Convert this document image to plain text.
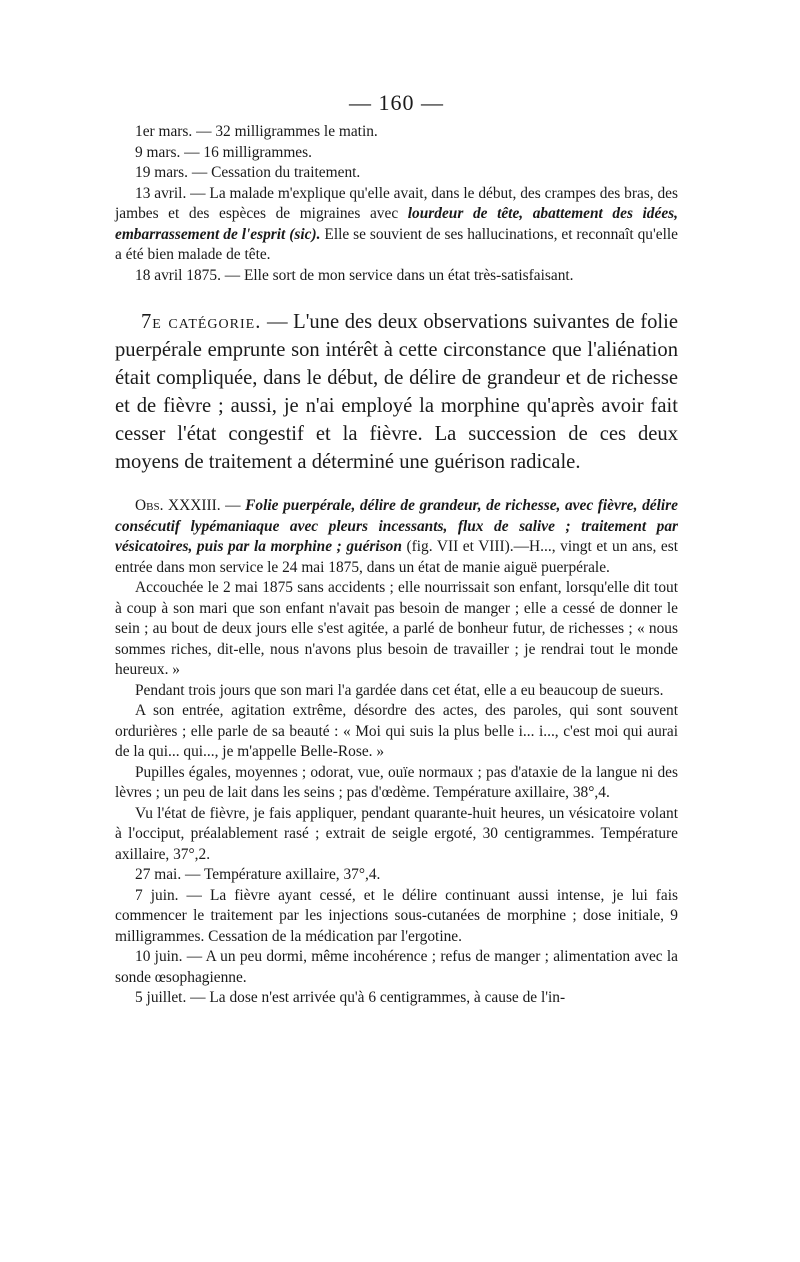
— 160 —

1er mars. — 32 milligrammes le matin.

9 mars. — 16 milligrammes.

19 mars. — Cessation du traitement.

13 avril. — La malade m'explique qu'elle avait, dans le début, des crampes des bras, des jambes et des espèces de migraines avec lourdeur de tête, abattement des idées, embarrassement de l'esprit (sic). Elle se souvient de ses hallucinations, et reconnaît qu'elle a été bien malade de tête.

18 avril 1875. — Elle sort de mon service dans un état très-satisfaisant.

7e catégorie. — L'une des deux observations suivantes de folie puerpérale emprunte son intérêt à cette circonstance que l'aliénation était compliquée, dans le début, de délire de grandeur et de richesse et de fièvre ; aussi, je n'ai employé la morphine qu'après avoir fait cesser l'état congestif et la fièvre. La succession de ces deux moyens de traitement a déterminé une guérison radicale.

Obs. XXXIII. — Folie puerpérale, délire de grandeur, de richesse, avec fièvre, délire consécutif lypémaniaque avec pleurs incessants, flux de salive ; traitement par vésicatoires, puis par la morphine ; guérison (fig. VII et VIII).—H..., vingt et un ans, est entrée dans mon service le 24 mai 1875, dans un état de manie aiguë puerpérale.

Accouchée le 2 mai 1875 sans accidents ; elle nourrissait son enfant, lorsqu'elle dit tout à coup à son mari que son enfant n'avait pas besoin de manger ; elle a cessé de donner le sein ; au bout de deux jours elle s'est agitée, a parlé de bonheur futur, de richesses ; « nous sommes riches, dit-elle, nous n'avons plus besoin de travailler ; je rendrai tout le monde heureux. »

Pendant trois jours que son mari l'a gardée dans cet état, elle a eu beaucoup de sueurs.

A son entrée, agitation extrême, désordre des actes, des paroles, qui sont souvent ordurières ; elle parle de sa beauté : « Moi qui suis la plus belle i... i..., c'est moi qui aurai de la qui... qui..., je m'appelle Belle-Rose. »

Pupilles égales, moyennes ; odorat, vue, ouïe normaux ; pas d'ataxie de la langue ni des lèvres ; un peu de lait dans les seins ; pas d'œdème. Température axillaire, 38°,4.

Vu l'état de fièvre, je fais appliquer, pendant quarante-huit heures, un vésicatoire volant à l'occiput, préalablement rasé ; extrait de seigle ergoté, 30 centigrammes. Température axillaire, 37°,2.

27 mai. — Température axillaire, 37°,4.

7 juin. — La fièvre ayant cessé, et le délire continuant aussi intense, je lui fais commencer le traitement par les injections sous-cutanées de morphine ; dose initiale, 9 milligrammes. Cessation de la médication par l'ergotine.

10 juin. — A un peu dormi, même incohérence ; refus de manger ; alimentation avec la sonde œsophagienne.

5 juillet. — La dose n'est arrivée qu'à 6 centigrammes, à cause de l'in-
